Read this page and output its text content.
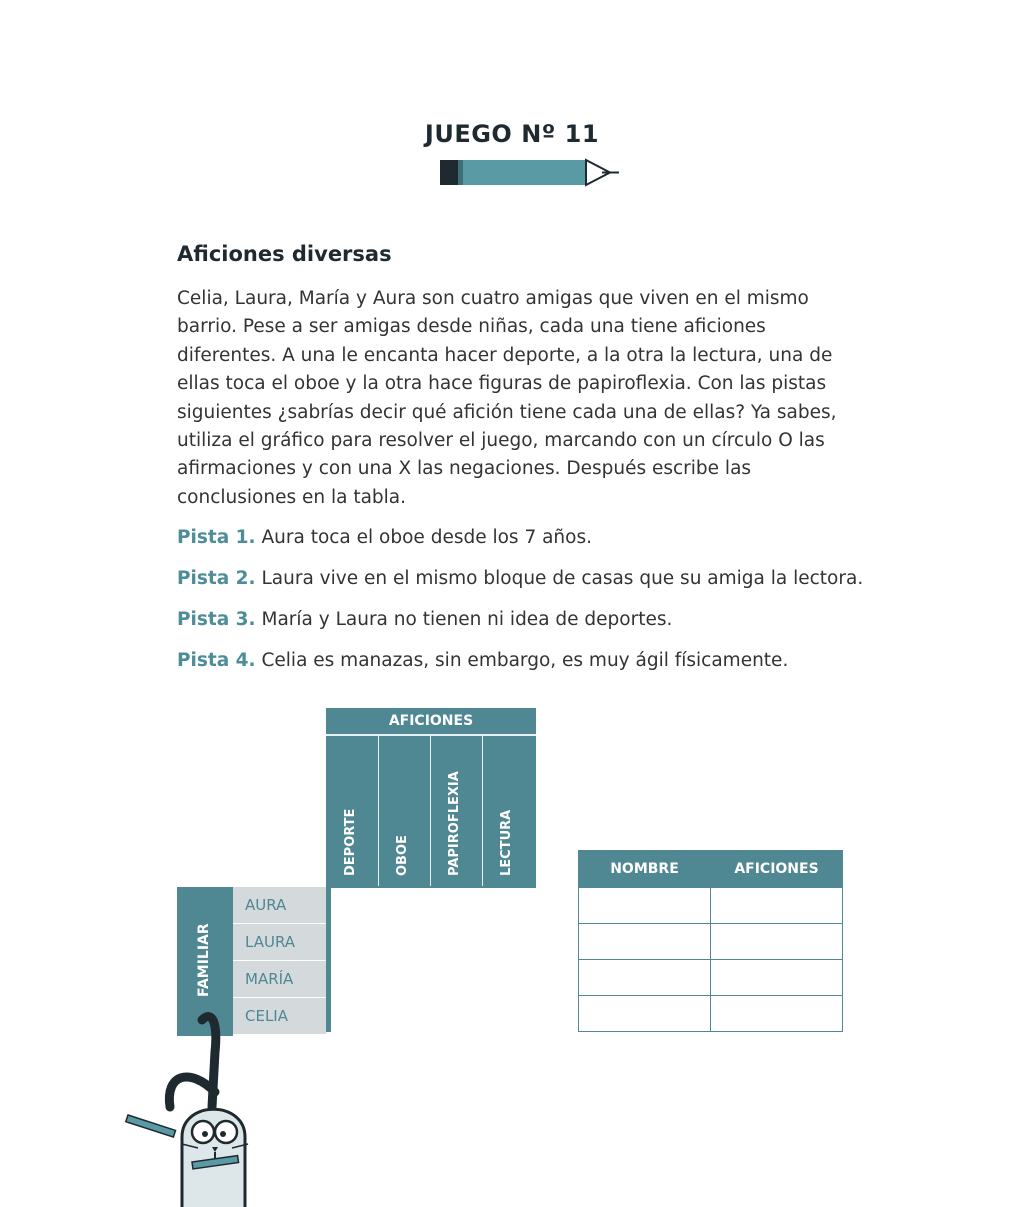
JUEGO Nº 11
Aficiones diversas
Celia, Laura, María y Aura son cuatro amigas que viven en el mismo barrio. Pese a ser amigas desde niñas, cada una tiene aficiones diferentes. A una le encanta hacer deporte, a la otra la lectura, una de ellas toca el oboe y la otra hace figuras de papiroflexia. Con las pistas siguientes ¿sabrías decir qué afición tiene cada una de ellas? Ya sabes, utiliza el gráfico para resolver el juego, marcando con un círculo O las afirmaciones y con una X las negaciones. Después escribe las conclusiones en la tabla.
Pista 1. Aura toca el oboe desde los 7 años.
Pista 2. Laura vive en el mismo bloque de casas que su amiga la lectora.
Pista 3. María y Laura no tienen ni idea de deportes.
Pista 4. Celia es manazas, sin embargo, es muy ágil físicamente.
AFICIONES
DEPORTE	OBOE	PAPIROFLEXIA	LECTURA
FAMILIAR
AURA
LAURA
MARÍA
CELIA

NOMBRE	AFICIONES
